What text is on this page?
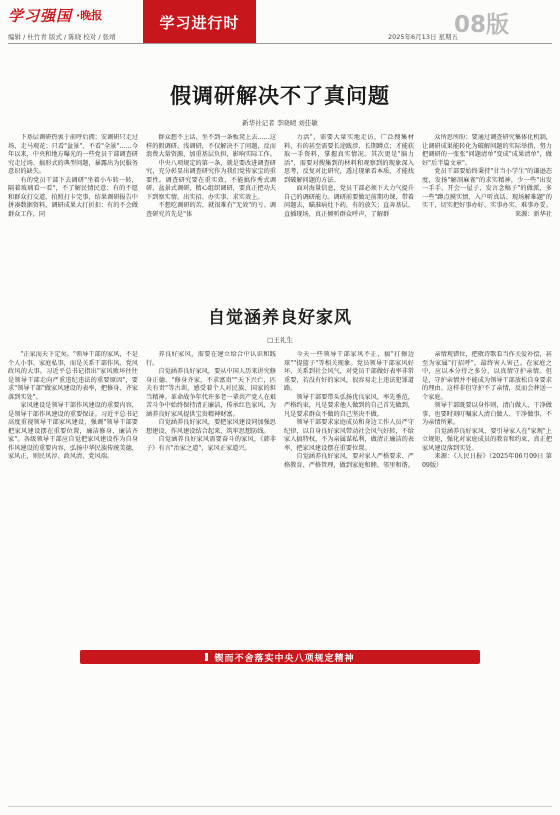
学习强国 ·晚报	学习进行时	08版
编辑 / 杜竹青 版式 / 陈晓 校对 / 张靖	2025年6月13日 星期五
假调研解决不了真问题
新华社记者 李晓晴 刘佳敏

下基层调研热衷于前呼后拥；安调研只走过场、走马观花；只看"盆景"、不看"全景"……今年以来，中央和地方曝光的一些党员干部调查研究走过场、搞形式的典型问题，暴露出为民服务意识的缺失。

有的党员干部下去调研"坐着小车转一转，隔着玻璃看一看"，不了解民情民意；有的不愿和群众打交道，拍照打卡完事，结果调研报告中拼凑数据资料，调研成果大打折扣；有的不会做群众工作，同

群众想不上话、坐不到一条板凳上去……这样的假调研、浅调研，不仅解决不了问题，反而浪费大量资源，加重基层负担，影响实际工作。

中央八项规定的第一条，就是要改进调查研究，充分彰显出调查研究作为我们党传家宝的重要性。调查研究要在重实效，不能搞作秀式调研、盆景式调研，精心组织调研，要真正把功夫下到察实情、出实招、办实事、求实效上。

不想吃调研的苦，就很难有"无效"的亏。调查研究首先是"体

力活"，需要大量实地走访，广泛搜集材料，有的甚至需要长途跋涉、长期蹲点；才能获取一手资料，掌握真实情况。其次更是"脑力活"，需要对搜集到的材料和观察到的现象深入思考，反复对比研究，透过现象看本质，才能找到破解问题的方法。

面对海量信息，党员干部必须下大力气提升自己的调研能力。调研前要做足前期功课，带着问题去，瞄准病灶下药，有的放矢；直奔基层、直插现场，真正倾听群众呼声，了解群

众所思所盼；要通过调查研究集体化机制，让调研成果能转化为破解问题的实际举措，努力把调研的一张张"问题清单"变成"成果清单"，做好"后半篇文章"。

党员干部要始终秉持"甘当小学生"的谦逊态度，发扬"解剖麻雀"的求实精神，少一些"出发一手手、开会一屋子、发言念稿子"的做派，多一些"蹲点摸实情、入户听真话、现场解难题"的实干，切实把好事办好、实事办实、难事办妥。

来源：新华社
自觉涵养良好家风
□王礼生

"正家而天下定矣。"领导干部的家风，不是个人小事、家庭私事，而是关系干部作风、党风政风的大事。习近平总书记指出"家风败坏往往是领导干部走向严重违纪违法的重要原因"，要求"领导干部"做家风建设的表率，把修身、齐家落到实处"。

家风建设是领导干部作风建设的重要内容，是领导干部作风建设的重要保证。习近平总书记高度重视领导干部家风建设，强调"领导干部要把家风建设摆在重要位置，廉洁修身、廉洁齐家"。各级领导干部应自觉把家风建设作为自身作风建设的重要内容，弘扬中华民族传统美德，家风正，则民风淳、政风清、党风端。

养良好家风，需要在建立给合中认识和践行。

自觉涵养良好家风，要从中国人历来讲究修身正德、"修身齐家，不求富贵""天下兴亡，匹夫有责"等古训，感受着个人对民族、国家的担当精神。革命战争年代许多老一辈共产党人在艰苦斗争中始终保持清正廉洁，传承红色家风，为涵养良好家风提供宝贵精神财富。

自觉涵养良好家风，要把家风建设同加强思想建设、作风建设结合起来，筑牢思想防线。

自觉涵养良好家风需要奋斗的家风，《韩非子》有言"治家之道"，家风正家道兴。

今天一些领导干部家风不正，搞"打擦边球""提篮子"等相关现象。党员领导干部家风好坏，关系到社会风气，对党员干部做好表率非常重要，若没有好的家风，很容易走上违法犯罪道路。

领导干部要带头弘扬优良家风，率先垂范，严格约束，凡是要求他人做到的自己首先做到，凡是要求群众不做的自己坚决不做。

领导干部要求家庭成员和身边工作人员严守纪律，以自身良好家风带动社会风气好转，不给家人搞特权，不为亲属谋私利，做清正廉洁的表率，把家风建设摆在重要位置。

自觉涵养良好家风，要对家人严格要求、严格教育、严格管理，做到家庭和睦、邻里和谐。

亲情观错位，把敬诗歌看当作关爱补偿，甚至为家属"打招呼"，最终害人害己。在家庭之中，应以本分待之多分，以真情守护亲情。但是，守护亲情并不能成为领导干部放松自身要求的理由。这样非但守护不了亲情，反而会葬送一个家庭。

领导干部既要以身作则，清白做人、干净做事，也要时刻叮嘱家人清白做人、干净做事，不为亲情所累。

自觉涵养良好家风，要引导家人在"家规"上立规矩，强化对家庭成员的教育和约束，真正把家风建设落到实处。

来源：《人民日报》（2025年06月09日 第09版）

锲而不舍落实中央八项规定精神
